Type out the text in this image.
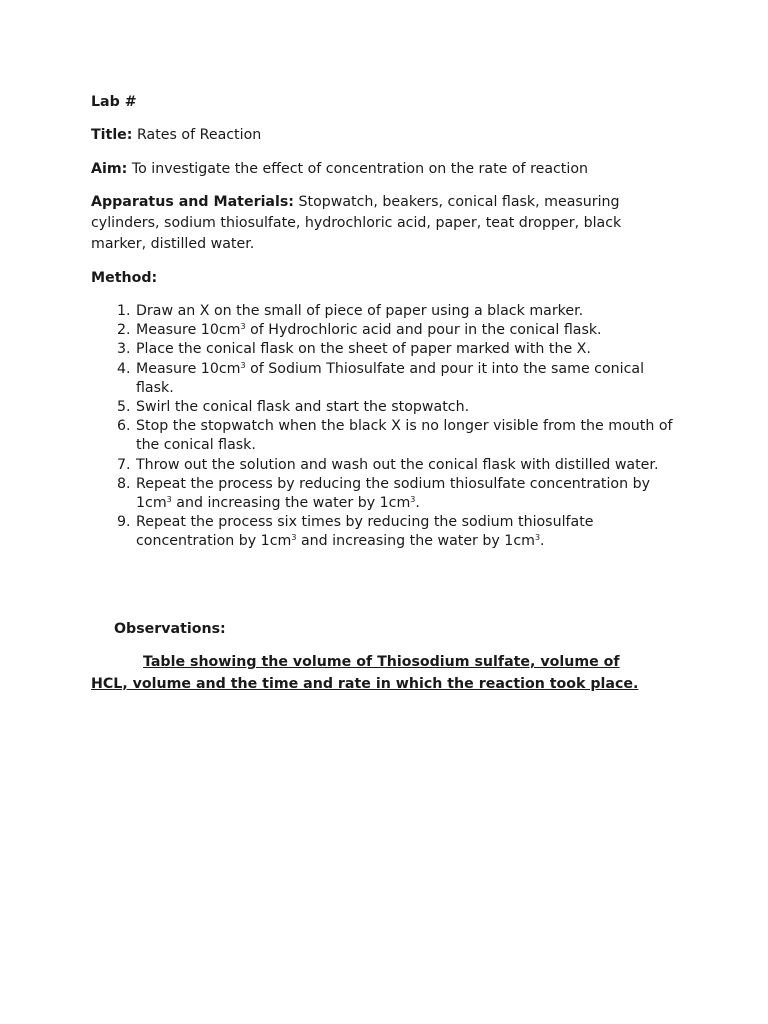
Lab #
Title: Rates of Reaction
Aim: To investigate the effect of concentration on the rate of reaction
Apparatus and Materials: Stopwatch, beakers, conical flask, measuring cylinders, sodium thiosulfate, hydrochloric acid, paper, teat dropper, black marker, distilled water.
Method:
1. Draw an X on the small of piece of paper using a black marker.
2. Measure $10cm^3$ of Hydrochloric acid and pour in the conical flask.
3. Place the conical flask on the sheet of paper marked with the X.
4. Measure $10cm^3$ of Sodium Thiosulfate and pour it into the same conical flask.
5. Swirl the conical flask and start the stopwatch.
6. Stop the stopwatch when the black X is no longer visible from the mouth of the conical flask.
7. Throw out the solution and wash out the conical flask with distilled water.
8. Repeat the process by reducing the sodium thiosulfate concentration by $1cm^3$ and increasing the water by $1cm^3$.
9. Repeat the process six times by reducing the sodium thiosulfate concentration by $1cm^3$ and increasing the water by $1cm^3$.
Observations:
Table showing the volume of Thiosodium sulfate, volume of HCL, volume and the time and rate in which the reaction took place.
